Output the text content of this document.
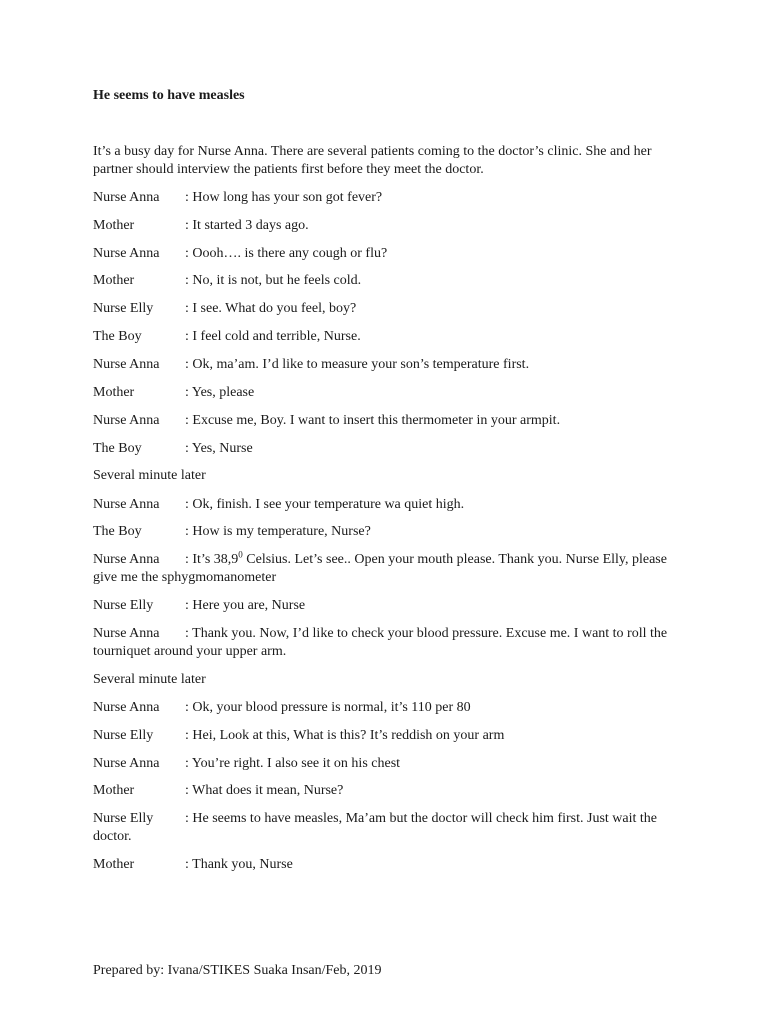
He seems to have measles

It’s a busy day for Nurse Anna. There are several patients coming to the doctor’s clinic. She and her partner should interview the patients first before they meet the doctor.

Nurse Anna : How long has your son got fever?
Mother	: It started 3 days ago.
Nurse Anna : Oooh…. is there any cough or flu?
Mother	: No, it is not, but he feels cold.
Nurse Elly : I see. What do you feel, boy?
The Boy	: I feel cold and terrible, Nurse.
Nurse Anna : Ok, ma’am. I’d like to measure your son’s temperature first.
Mother	: Yes, please
Nurse Anna : Excuse me, Boy. I want to insert this thermometer in your armpit.
The Boy	: Yes, Nurse
Several minute later
Nurse Anna : Ok, finish. I see your temperature wa quiet high.
The Boy	: How is my temperature, Nurse?
Nurse Anna : It’s 38,9$^0$ Celsius. Let’s see.. Open your mouth please. Thank you. Nurse Elly, please give me the sphygmomanometer
Nurse Elly : Here you are, Nurse
Nurse Anna : Thank you. Now, I’d like to check your blood pressure. Excuse me. I want to roll the tourniquet around your upper arm.
Several minute later
Nurse Anna : Ok, your blood pressure is normal, it’s 110 per 80
Nurse Elly : Hei, Look at this, What is this? It’s reddish on your arm
Nurse Anna : You’re right. I also see it on his chest
Mother	: What does it mean, Nurse?
Nurse Elly : He seems to have measles, Ma’am but the doctor will check him first. Just wait the doctor.
Mother	: Thank you, Nurse
Prepared by: Ivana/STIKES Suaka Insan/Feb, 2019
